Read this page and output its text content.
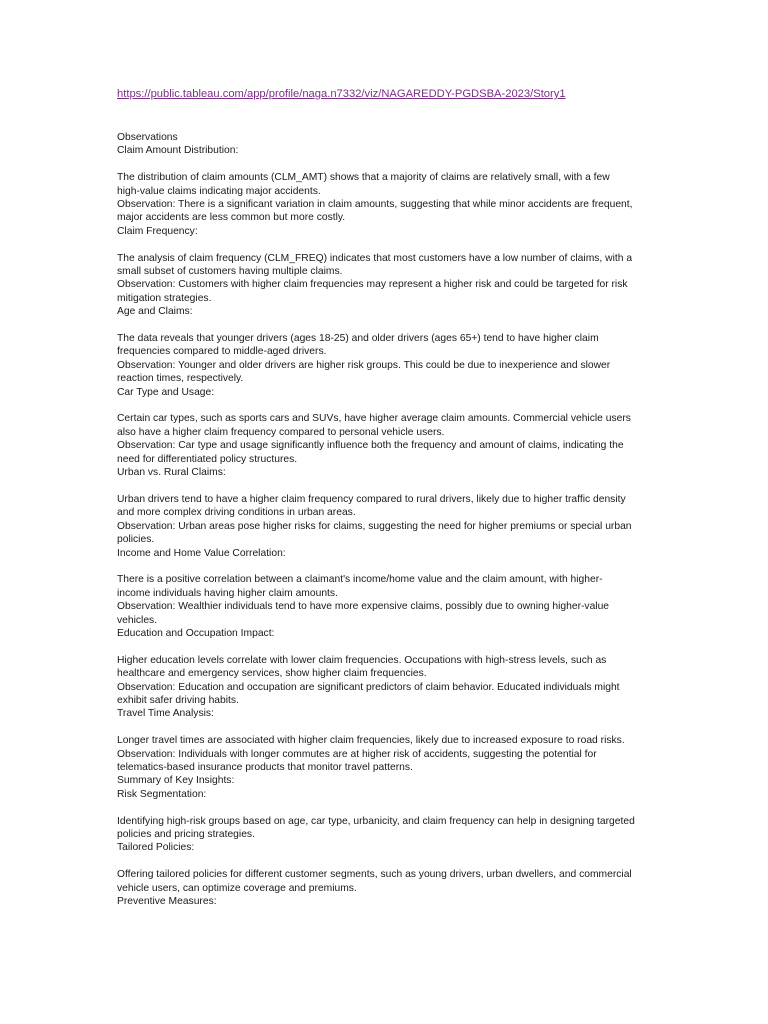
https://public.tableau.com/app/profile/naga.n7332/viz/NAGAREDDY-PGDSBA-2023/Story1
Observations
Claim Amount Distribution:
The distribution of claim amounts (CLM_AMT) shows that a majority of claims are relatively small, with a few
high-value claims indicating major accidents.
Observation: There is a significant variation in claim amounts, suggesting that while minor accidents are frequent,
major accidents are less common but more costly.
Claim Frequency:
The analysis of claim frequency (CLM_FREQ) indicates that most customers have a low number of claims, with a
small subset of customers having multiple claims.
Observation: Customers with higher claim frequencies may represent a higher risk and could be targeted for risk
mitigation strategies.
Age and Claims:
The data reveals that younger drivers (ages 18-25) and older drivers (ages 65+) tend to have higher claim
frequencies compared to middle-aged drivers.
Observation: Younger and older drivers are higher risk groups. This could be due to inexperience and slower
reaction times, respectively.
Car Type and Usage:
Certain car types, such as sports cars and SUVs, have higher average claim amounts. Commercial vehicle users
also have a higher claim frequency compared to personal vehicle users.
Observation: Car type and usage significantly influence both the frequency and amount of claims, indicating the
need for differentiated policy structures.
Urban vs. Rural Claims:
Urban drivers tend to have a higher claim frequency compared to rural drivers, likely due to higher traffic density
and more complex driving conditions in urban areas.
Observation: Urban areas pose higher risks for claims, suggesting the need for higher premiums or special urban
policies.
Income and Home Value Correlation:
There is a positive correlation between a claimant's income/home value and the claim amount, with higher-
income individuals having higher claim amounts.
Observation: Wealthier individuals tend to have more expensive claims, possibly due to owning higher-value
vehicles.
Education and Occupation Impact:
Higher education levels correlate with lower claim frequencies. Occupations with high-stress levels, such as
healthcare and emergency services, show higher claim frequencies.
Observation: Education and occupation are significant predictors of claim behavior. Educated individuals might
exhibit safer driving habits.
Travel Time Analysis:
Longer travel times are associated with higher claim frequencies, likely due to increased exposure to road risks.
Observation: Individuals with longer commutes are at higher risk of accidents, suggesting the potential for
telematics-based insurance products that monitor travel patterns.
Summary of Key Insights:
Risk Segmentation:
Identifying high-risk groups based on age, car type, urbanicity, and claim frequency can help in designing targeted
policies and pricing strategies.
Tailored Policies:
Offering tailored policies for different customer segments, such as young drivers, urban dwellers, and commercial
vehicle users, can optimize coverage and premiums.
Preventive Measures:
